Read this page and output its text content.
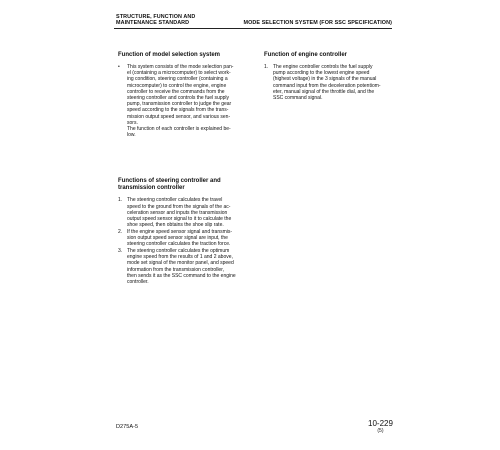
STRUCTURE, FUNCTION AND
MAINTENANCE STANDARD	MODE SELECTION SYSTEM (FOR SSC SPECIFICATION)
Function of model selection system
•	This system consists of the mode selection pan-
el (containing a microcomputer) to select work-
ing condition, steering controller (containing a
microcomputer) to control the engine, engine
controller to receive the commands from the
steering controller and controls the fuel supply
pump, transmission controller to judge the gear
speed according to the signals from the trans-
mission output speed sensor, and various sen-
sors.
The function of each controller is explained be-
low.
Functions of steering controller and
transmission controller
1. The steering controller calculates the travel
speed to the ground from the signals of the ac-
celeration sensor and inputs the transmission
output speed sensor signal to it to calculate the
shoe speed, then obtains the shoe slip rate.
2. If the engine speed sensor signal and transmis-
sion output speed sensor signal are input, the
steering controller calculates the traction force.
3. The steering controller calculates the optimum
engine speed from the results of 1 and 2 above,
mode set signal of the monitor panel, and speed
information from the transmission controller,
then sends it as the SSC command to the engine
controller.
Function of engine controller
1. The engine controller controls the fuel supply
pump according to the lowest engine speed
(highest voltage) in the 3 signals of the manual
command input from the deceleration potentiom-
eter, manual signal of the throttle dial, and the
SSC command signal.
D275A-5	10-229
(5)
